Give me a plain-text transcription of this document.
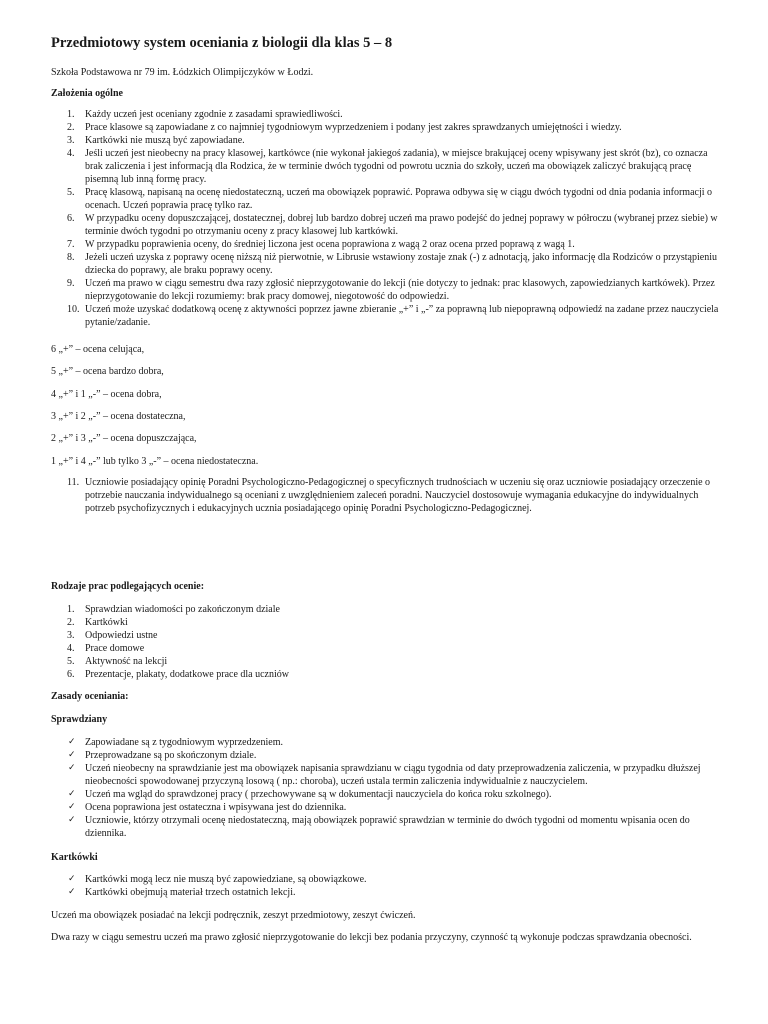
Przedmiotowy system oceniania z biologii dla klas 5 – 8
Szkoła Podstawowa nr 79 im. Łódzkich Olimpijczyków w Łodzi.
Założenia ogólne
1. Każdy uczeń jest oceniany zgodnie z zasadami sprawiedliwości.
2. Prace klasowe są zapowiadane z co najmniej tygodniowym wyprzedzeniem i podany jest zakres sprawdzanych umiejętności i wiedzy.
3. Kartkówki nie muszą być zapowiadane.
4. Jeśli uczeń jest nieobecny na pracy klasowej, kartkówce (nie wykonał jakiegoś zadania), w miejsce brakującej oceny wpisywany jest skrót (bz), co oznacza brak zaliczenia i jest informacją dla Rodzica, że w terminie dwóch tygodni od powrotu ucznia do szkoły, uczeń ma obowiązek zaliczyć brakującą pracę pisemną lub inną formę pracy.
5. Pracę klasową, napisaną na ocenę niedostateczną, uczeń ma obowiązek poprawić. Poprawa odbywa się w ciągu dwóch tygodni od dnia podania informacji o ocenach. Uczeń poprawia pracę tylko raz.
6. W przypadku oceny dopuszczającej, dostatecznej, dobrej lub bardzo dobrej uczeń ma prawo podejść do jednej poprawy w półroczu (wybranej przez siebie) w terminie dwóch tygodni po otrzymaniu oceny z pracy klasowej lub kartkówki.
7. W przypadku poprawienia oceny, do średniej liczona jest ocena poprawiona z wagą 2 oraz ocena przed poprawą z wagą 1.
8. Jeżeli uczeń uzyska z poprawy ocenę niższą niż pierwotnie, w Librusie wstawiony zostaje znak (-) z adnotacją, jako informację dla Rodziców o przystąpieniu dziecka do poprawy, ale braku poprawy oceny.
9. Uczeń ma prawo w ciągu semestru dwa razy zgłosić nieprzygotowanie do lekcji (nie dotyczy to jednak: prac klasowych, zapowiedzianych kartkówek). Przez nieprzygotowanie do lekcji rozumiemy: brak pracy domowej, niegotowość do odpowiedzi.
10. Uczeń może uzyskać dodatkową ocenę z aktywności poprzez jawne zbieranie „+” i „-” za poprawną lub niepoprawną odpowiedź na zadane przez nauczyciela pytanie/zadanie.
6 „+” – ocena celująca,
5 „+” – ocena bardzo dobra,
4 „+” i 1 „-” – ocena dobra,
3 „+” i 2 „-” – ocena dostateczna,
2 „+” i 3 „-” – ocena dopuszczająca,
1 „+” i 4 „-” lub tylko 3 „-” – ocena niedostateczna.
11. Uczniowie posiadający opinię Poradni Psychologiczno-Pedagogicznej o specyficznych trudnościach w uczeniu się oraz uczniowie posiadający orzeczenie o potrzebie nauczania indywidualnego są oceniani z uwzględnieniem zaleceń poradni. Nauczyciel dostosowuje wymagania edukacyjne do indywidualnych potrzeb psychofizycznych i edukacyjnych ucznia posiadającego opinię Poradni Psychologiczno-Pedagogicznej.
Rodzaje prac podlegających ocenie:
1. Sprawdzian wiadomości po zakończonym dziale
2. Kartkówki
3. Odpowiedzi ustne
4. Prace domowe
5. Aktywność na lekcji
6. Prezentacje, plakaty, dodatkowe prace dla uczniów
Zasady oceniania:
Sprawdziany
✓ Zapowiadane są z tygodniowym wyprzedzeniem.
✓ Przeprowadzane są po skończonym dziale.
✓ Uczeń nieobecny na sprawdzianie jest ma obowiązek napisania sprawdzianu w ciągu tygodnia od daty przeprowadzenia zaliczenia, w przypadku dłuższej nieobecności spowodowanej przyczyną losową ( np.: choroba), uczeń ustala termin zaliczenia indywidualnie z nauczycielem.
✓ Uczeń ma wgląd do sprawdzonej pracy ( przechowywane są w dokumentacji nauczyciela do końca roku szkolnego).
✓ Ocena poprawiona jest ostateczna i wpisywana jest do dziennika.
✓ Uczniowie, którzy otrzymali ocenę niedostateczną, mają obowiązek poprawić sprawdzian w terminie do dwóch tygodni od momentu wpisania ocen do dziennika.
Kartkówki
✓ Kartkówki mogą lecz nie muszą być zapowiedziane, są obowiązkowe.
✓ Kartkówki obejmują materiał trzech ostatnich lekcji.
Uczeń ma obowiązek posiadać na lekcji podręcznik, zeszyt przedmiotowy, zeszyt ćwiczeń.
Dwa razy w ciągu semestru uczeń ma prawo zgłosić nieprzygotowanie do lekcji bez podania przyczyny, czynność tą wykonuje podczas sprawdzania obecności.
